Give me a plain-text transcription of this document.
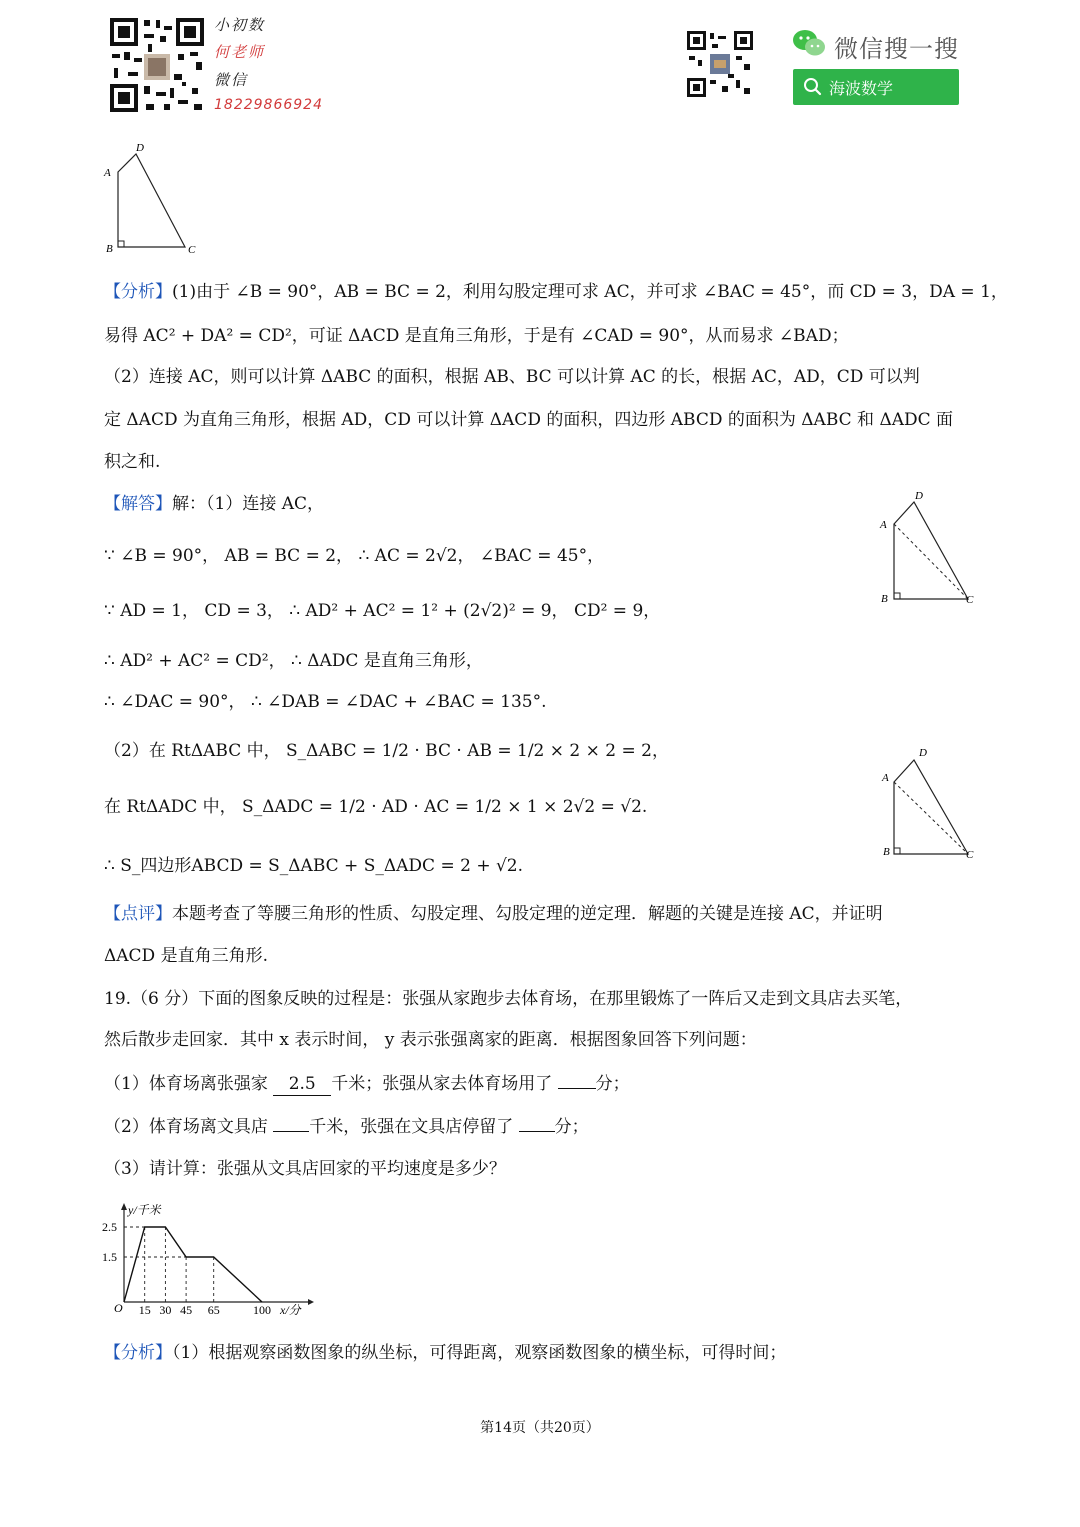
小初数
何老师
微信
18229866924
微信搜一搜
海波数学
D
A
B	C
【分析】(1)由于 ∠B = 90°，AB = BC = 2，利用勾股定理可求 AC，并可求 ∠BAC = 45°，而 CD = 3，DA = 1，
易得 AC² + DA² = CD²，可证 ΔACD 是直角三角形，于是有 ∠CAD = 90°，从而易求 ∠BAD；
（2）连接 AC，则可以计算 ΔABC 的面积，根据 AB、BC 可以计算 AC 的长，根据 AC，AD，CD 可以判
定 ΔACD 为直角三角形，根据 AD，CD 可以计算 ΔACD 的面积，四边形 ABCD 的面积为 ΔABC 和 ΔADC 面
积之和.
【解答】解：（1）连接 AC，
∵ ∠B = 90°， AB = BC = 2， ∴ AC = 2√2， ∠BAC = 45°，
∵ AD = 1， CD = 3， ∴ AD² + AC² = 1² + (2√2)² = 9， CD² = 9，
∴ AD² + AC² = CD²， ∴ ΔADC 是直角三角形，
∴ ∠DAC = 90°， ∴ ∠DAB = ∠DAC + ∠BAC = 135°.
（2）在 RtΔABC 中， S_ΔABC = 1/2 · BC · AB = 1/2 × 2 × 2 = 2，
在 RtΔADC 中， S_ΔADC = 1/2 · AD · AC = 1/2 × 1 × 2√2 = √2.
∴ S_四边形ABCD = S_ΔABC + S_ΔADC = 2 + √2.
D
A
B	C
D
A
B	C
【点评】本题考查了等腰三角形的性质、勾股定理、勾股定理的逆定理．解题的关键是连接 AC，并证明
ΔACD 是直角三角形.
19.（6 分）下面的图象反映的过程是：张强从家跑步去体育场，在那里锻炼了一阵后又走到文具店去买笔，
然后散步走回家．其中 x 表示时间， y 表示张强离家的距离．根据图象回答下列问题：
（1）体育场离张强家 2.5 千米；张强从家去体育场用了	分；
（2）体育场离文具店 千米，张强在文具店停留了 分；
（3）请计算：张强从文具店回家的平均速度是多少？
y/千米
x/分
O
2.5
1.5
15 30 45 65	100
【分析】（1）根据观察函数图象的纵坐标，可得距离，观察函数图象的横坐标，可得时间；
第14页（共20页）
